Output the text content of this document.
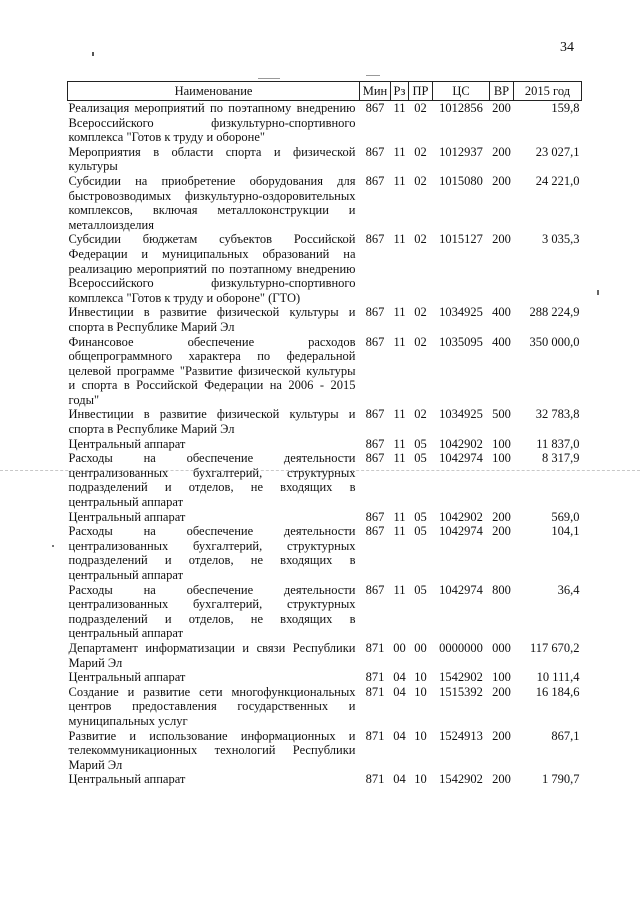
34
Наименование	Мин	Рз	ПР	ЦС	ВР	2015 год
Реализация мероприятий по поэтапному внедрению Всероссийского физкультурно-спортивного комплекса "Готов к труду и обороне"	867	11	02	1012856	200	159,8
Мероприятия в области спорта и физической культуры	867	11	02	1012937	200	23 027,1
Субсидии на приобретение оборудования для быстровозводимых физкультурно-оздоровительных комплексов, включая металлоконструкции и металлоизделия	867	11	02	1015080	200	24 221,0
Субсидии бюджетам субъектов Российской Федерации и муниципальных образований на реализацию мероприятий по поэтапному внедрению Всероссийского физкультурно-спортивного комплекса "Готов к труду и обороне" (ГТО)	867	11	02	1015127	200	3 035,3
Инвестиции в развитие физической культуры и спорта в Республике Марий Эл	867	11	02	1034925	400	288 224,9
Финансовое обеспечение расходов общепрограммного характера по федеральной целевой программе "Развитие физической культуры и спорта в Российской Федерации на 2006 - 2015 годы"	867	11	02	1035095	400	350 000,0
Инвестиции в развитие физической культуры и спорта в Республике Марий Эл	867	11	02	1034925	500	32 783,8
Центральный аппарат	867	11	05	1042902	100	11 837,0
Расходы на обеспечение деятельности централизованных бухгалтерий, структурных подразделений и отделов, не входящих в центральный аппарат	867	11	05	1042974	100	8 317,9
Центральный аппарат	867	11	05	1042902	200	569,0
Расходы на обеспечение деятельности централизованных бухгалтерий, структурных подразделений и отделов, не входящих в центральный аппарат	867	11	05	1042974	200	104,1
Расходы на обеспечение деятельности централизованных бухгалтерий, структурных подразделений и отделов, не входящих в центральный аппарат	867	11	05	1042974	800	36,4
Департамент информатизации и связи Республики Марий Эл	871	00	00	0000000	000	117 670,2
Центральный аппарат	871	04	10	1542902	100	10 111,4
Создание и развитие сети многофункциональных центров предоставления государственных и муниципальных услуг	871	04	10	1515392	200	16 184,6
Развитие и использование информационных и телекоммуникационных технологий Республики Марий Эл	871	04	10	1524913	200	867,1
Центральный аппарат	871	04	10	1542902	200	1 790,7
